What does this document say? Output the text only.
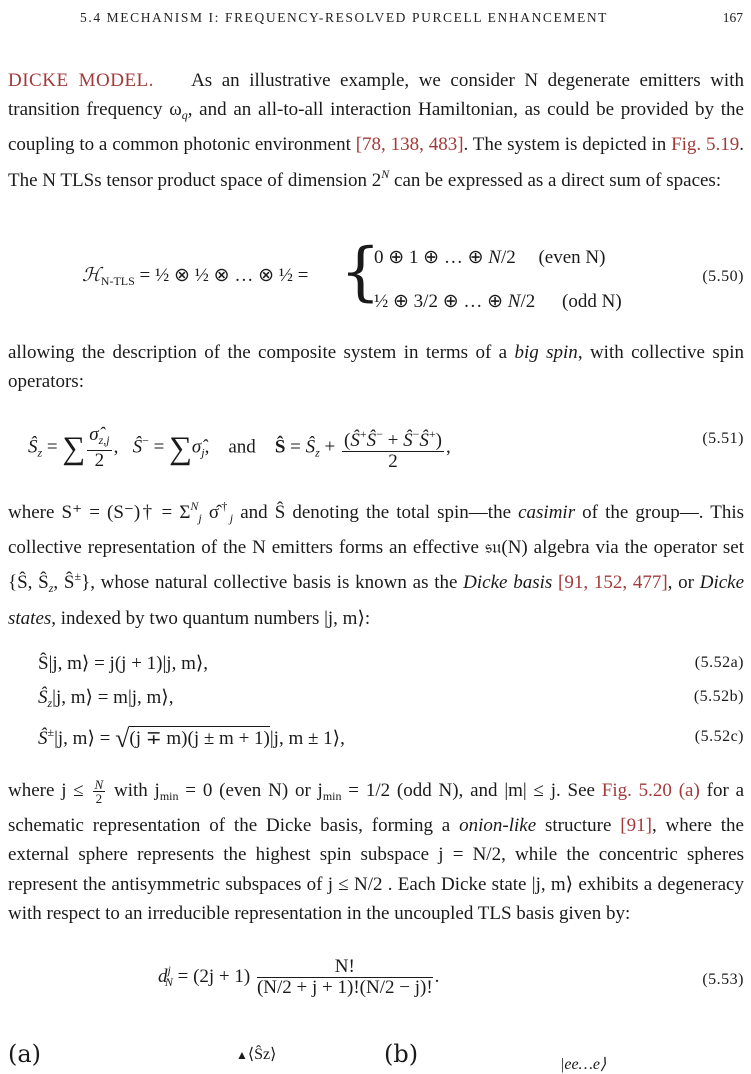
5.4 MECHANISM I: FREQUENCY-RESOLVED PURCELL ENHANCEMENT	167

DICKE MODEL. As an illustrative example, we consider N degenerate emitters with transition frequency $\omega_q$, and an all-to-all interaction Hamiltonian, as could be provided by the coupling to a common photonic environment [78, 138, 483]. The system is depicted in Fig. 5.19. The N TLSs tensor product space of dimension $2^N$ can be expressed as a direct sum of spaces:

ℋ$_{N-TLS}$ = ½ ⊗ ½ ⊗ … ⊗ ½ = {
0 ⊕ 1 ⊕ … ⊕ N/2 (even N)
½ ⊕ 3/2 ⊕ … ⊕ N/2 (odd N)
(5.50)

allowing the description of the composite system in terms of a big spin, with collective spin operators:

$Ŝ_z$ = ∑ $\frac{\sigmâ_{z,j}}{2}$ ,   Ŝ− = $\sum\sigmâ_j$,    and Ŝ = $Ŝ_z + \frac{(Ŝ^+Ŝ^- + Ŝ^-Ŝ^+)}{2}$ ,	(5.51)

where S⁺ = (S⁻)† = $\Sigma^N_j$ $\sigmâ^\dagger_j$ and Ŝ denoting the total spin—the casimir of the group—. This collective representation of the N emitters forms an effective 𝔰𝔲(N) algebra via the operator set {Ŝ, $Ŝ_z$, Ŝ±}, whose natural collective basis is known as the Dicke basis [91, 152, 477], or Dicke states, indexed by two quantum numbers |j, m⟩:

Ŝ|j, m⟩ = j(j + 1)|j, m⟩,	(5.52a)
$Ŝ_z|j$, m⟩ = m|j, m⟩,	(5.52b)
Ŝ±|j, m⟩ = √(j ∓ m)(j ± m + 1)|j, m ± 1⟩,	(5.52c)

where $j \le \frac{N}{2}$ with $j_{min} = 0$ (even N) or $j_{min} = 1/2$ (odd N), and |m| ≤ j. See Fig. 5.20 (a) for a schematic representation of the Dicke basis, forming a onion-like structure [91], where the external sphere represents the highest spin subspace j = N/2, while the concentric spheres represent the antisymmetric subspaces of j ≤ N/2 . Each Dicke state |j, m⟩ exhibits a degeneracy with respect to an irreducible representation in the uncoupled TLS basis given by:

$d^j_N = (2j + 1) \frac{N!}{(N/2 + j + 1)!(N/2 - j)!}$ .	(5.53)
(a)	▲⟨Ŝz⟩	(b)	|ee…e⟩
